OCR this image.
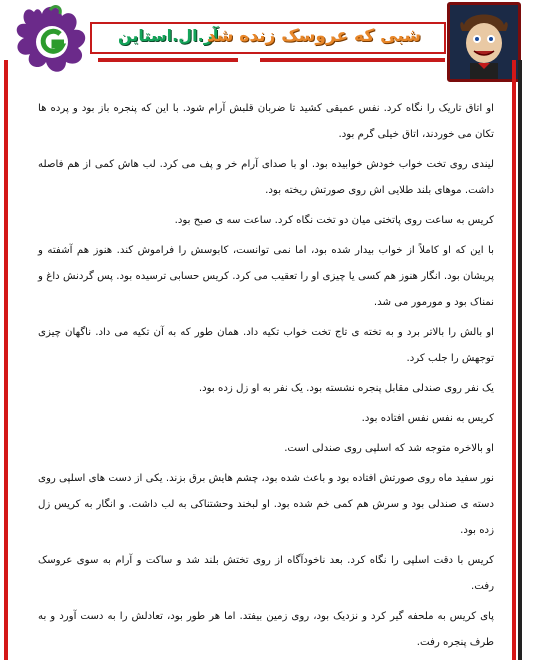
آر.ال.استاین
شبی که عروسک زنده شد

او اتاق تاریک را نگاه کرد. نفس عمیقی کشید تا ضربان قلبش آرام شود. با این که پنجره باز بود و پرده ها تکان می خوردند، اتاق خیلی گرم بود.

لیندی روی تخت خواب خودش خوابیده بود. او با صدای آرام خر و پف می کرد. لب هاش کمی از هم فاصله داشت. موهای بلند طلایی اش روی صورتش ریخته بود.

کریس به ساعت روی پاتختی میان دو تخت نگاه کرد. ساعت سه ی صبح بود.

با این که او کاملاً از خواب بیدار شده بود، اما نمی توانست، کابوسش را فراموش کند. هنوز هم آشفته و پریشان بود. انگار هنوز هم کسی یا چیزی او را تعقیب می کرد. کریس حسابی ترسیده بود. پس گردنش داغ و نمناک بود و مورمور می شد.

او بالش را بالاتر برد و به تخته ی تاج تخت خواب تکیه داد. همان طور که به آن تکیه می داد. ناگهان چیزی توجهش را جلب کرد.

یک نفر روی صندلی مقابل پنجره نشسته بود. یک نفر به او زل زده بود.

کریس به نفس نفس افتاده بود.

او بالاخره متوجه شد که اسلپی روی صندلی است.

نور سفید ماه روی صورتش افتاده بود و باعث شده بود، چشم هایش برق بزند. یکی از دست های اسلپی روی دسته ی صندلی بود و سرش هم کمی خم شده بود. او لبخند وحشتناکی به لب داشت. و انگار به کریس زل زده بود.

کریس با دقت اسلپی را نگاه کرد. بعد ناخودآگاه از روی تختش بلند شد و ساکت و آرام به سوی عروسک رفت.

پای کریس به ملحفه گیر کرد و نزدیک بود، روی زمین بیفتد. اما هر طور بود، تعادلش را به دست آورد و به طرف پنجره رفت.
